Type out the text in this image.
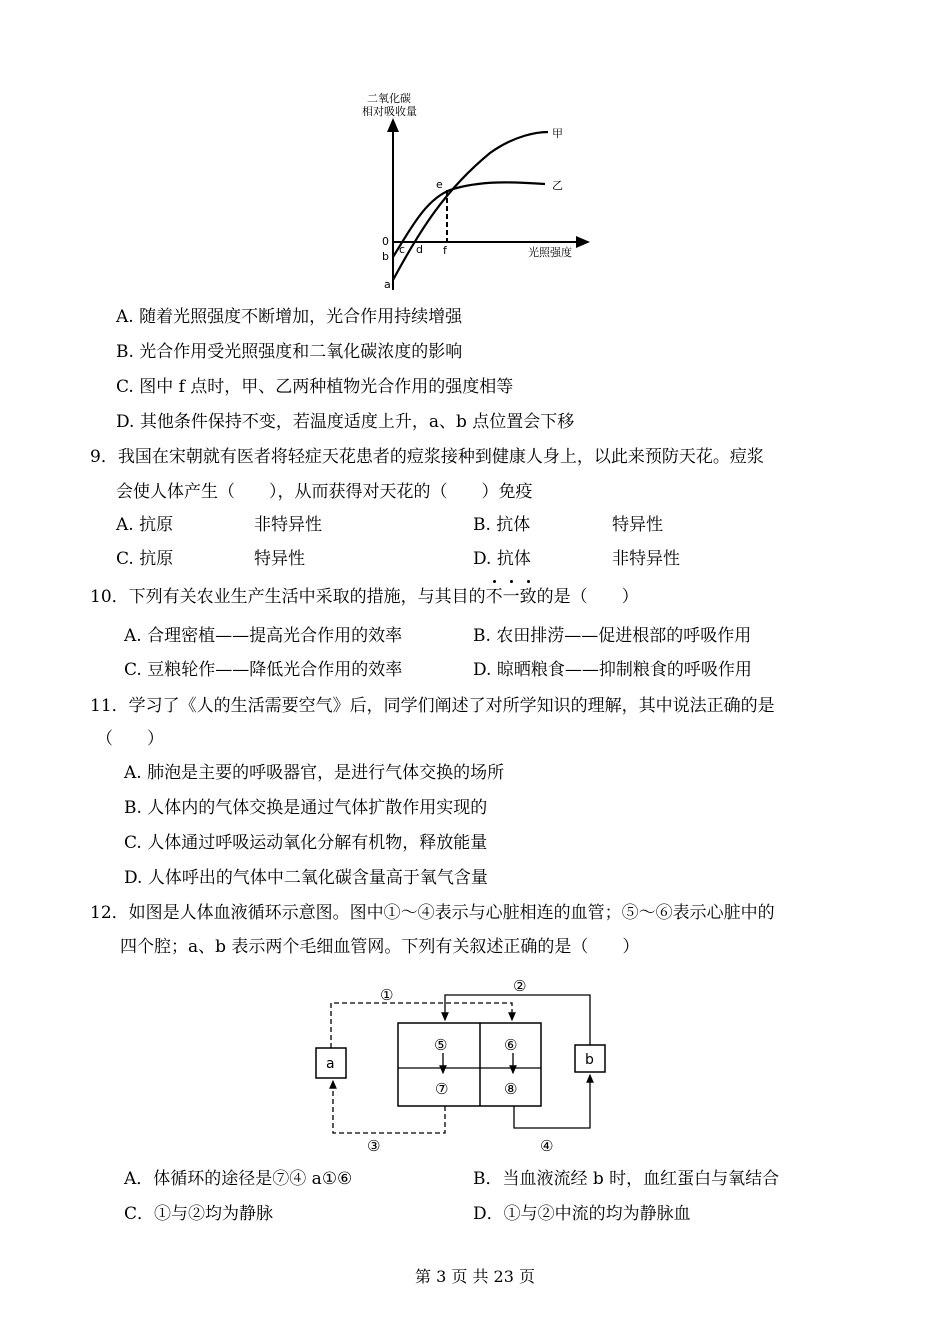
二氧化碳
相对吸收量
光照强度
甲
乙
e
0
b
a
c d f
A. 随着光照强度不断增加，光合作用持续增强
B. 光合作用受光照强度和二氧化碳浓度的影响
C. 图中 f 点时，甲、乙两种植物光合作用的强度相等
D. 其他条件保持不变，若温度适度上升，a、b 点位置会下移
9．我国在宋朝就有医者将轻症天花患者的痘浆接种到健康人身上，以此来预防天花。痘浆
会使人体产生（　　），从而获得对天花的（　　）免疫
A. 抗原	非特异性	B. 抗体	特异性
C. 抗原	特异性	D. 抗体	非特异性
10．下列有关农业生产生活中采取的措施，与其目的不一致的是（　　）
A. 合理密植——提高光合作用的效率	B. 农田排涝——促进根部的呼吸作用
C. 豆粮轮作——降低光合作用的效率	D. 晾晒粮食——抑制粮食的呼吸作用
11．学习了《人的生活需要空气》后，同学们阐述了对所学知识的理解，其中说法正确的是
（　　）
A. 肺泡是主要的呼吸器官，是进行气体交换的场所
B. 人体内的气体交换是通过气体扩散作用实现的
C. 人体通过呼吸运动氧化分解有机物，释放能量
D. 人体呼出的气体中二氧化碳含量高于氧气含量
12．如图是人体血液循环示意图。图中①～④表示与心脏相连的血管；⑤～⑥表示心脏中的
四个腔；a、b 表示两个毛细血管网。下列有关叙述正确的是（　　）
a	b
①	②
③	④
⑤	⑥
⑦	⑧
A．体循环的途径是⑦④ a①⑥	B．当血液流经 b 时，血红蛋白与氧结合
C．①与②均为静脉	D．①与②中流的均为静脉血
第 3 页 共 23 页
